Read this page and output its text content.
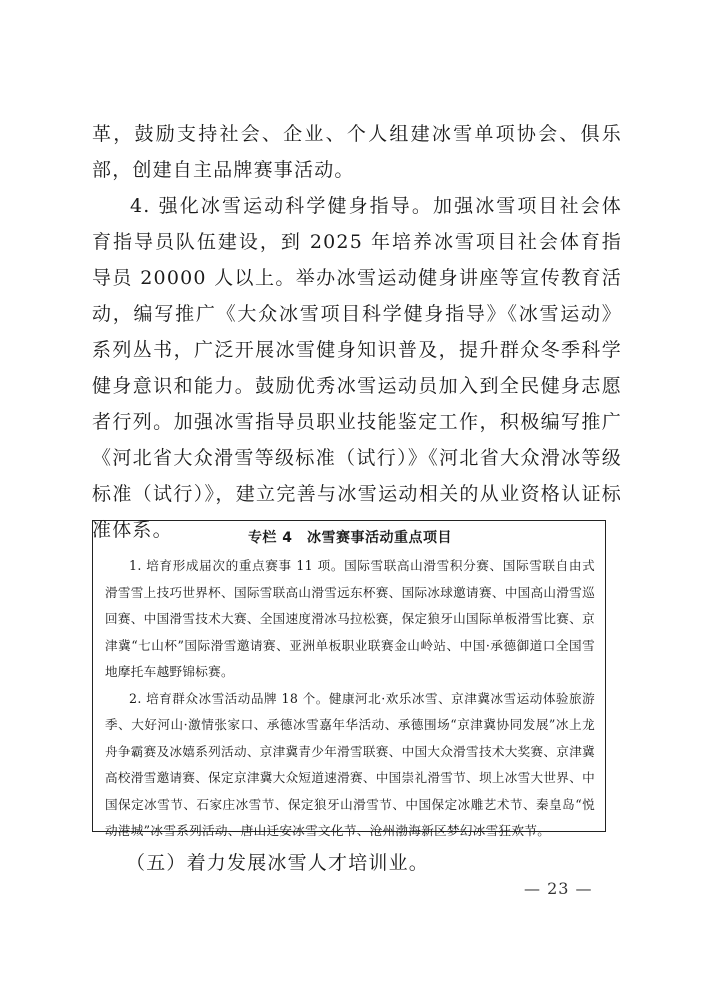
革，鼓励支持社会、企业、个人组建冰雪单项协会、俱乐部，创建自主品牌赛事活动。

4. 强化冰雪运动科学健身指导。加强冰雪项目社会体育指导员队伍建设，到 2025 年培养冰雪项目社会体育指导员 20000 人以上。举办冰雪运动健身讲座等宣传教育活动，编写推广《大众冰雪项目科学健身指导》《冰雪运动》系列丛书，广泛开展冰雪健身知识普及，提升群众冬季科学健身意识和能力。鼓励优秀冰雪运动员加入到全民健身志愿者行列。加强冰雪指导员职业技能鉴定工作，积极编写推广《河北省大众滑雪等级标准（试行）》《河北省大众滑冰等级标准（试行）》，建立完善与冰雪运动相关的从业资格认证标准体系。	专栏 4　冰雪赛事活动重点项目

1. 培育形成届次的重点赛事 11 项。国际雪联高山滑雪积分赛、国际雪联自由式滑雪雪上技巧世界杯、国际雪联高山滑雪远东杯赛、国际冰球邀请赛、中国高山滑雪巡回赛、中国滑雪技术大赛、全国速度滑冰马拉松赛，保定狼牙山国际单板滑雪比赛、京津冀“七山杯”国际滑雪邀请赛、亚洲单板职业联赛金山岭站、中国·承德御道口全国雪地摩托车越野锦标赛。

2. 培育群众冰雪活动品牌 18 个。健康河北·欢乐冰雪、京津冀冰雪运动体验旅游季、大好河山·激情张家口、承德冰雪嘉年华活动、承德围场“京津冀协同发展”冰上龙舟争霸赛及冰嬉系列活动、京津冀青少年滑雪联赛、中国大众滑雪技术大奖赛、京津冀高校滑雪邀请赛、保定京津冀大众短道速滑赛、中国崇礼滑雪节、坝上冰雪大世界、中国保定冰雪节、石家庄冰雪节、保定狼牙山滑雪节、中国保定冰雕艺术节、秦皇岛“悦动港城”冰雪系列活动、唐山迁安冰雪文化节、沧州渤海新区梦幻冰雪狂欢节。

（五）着力发展冰雪人才培训业。
— 23 —
